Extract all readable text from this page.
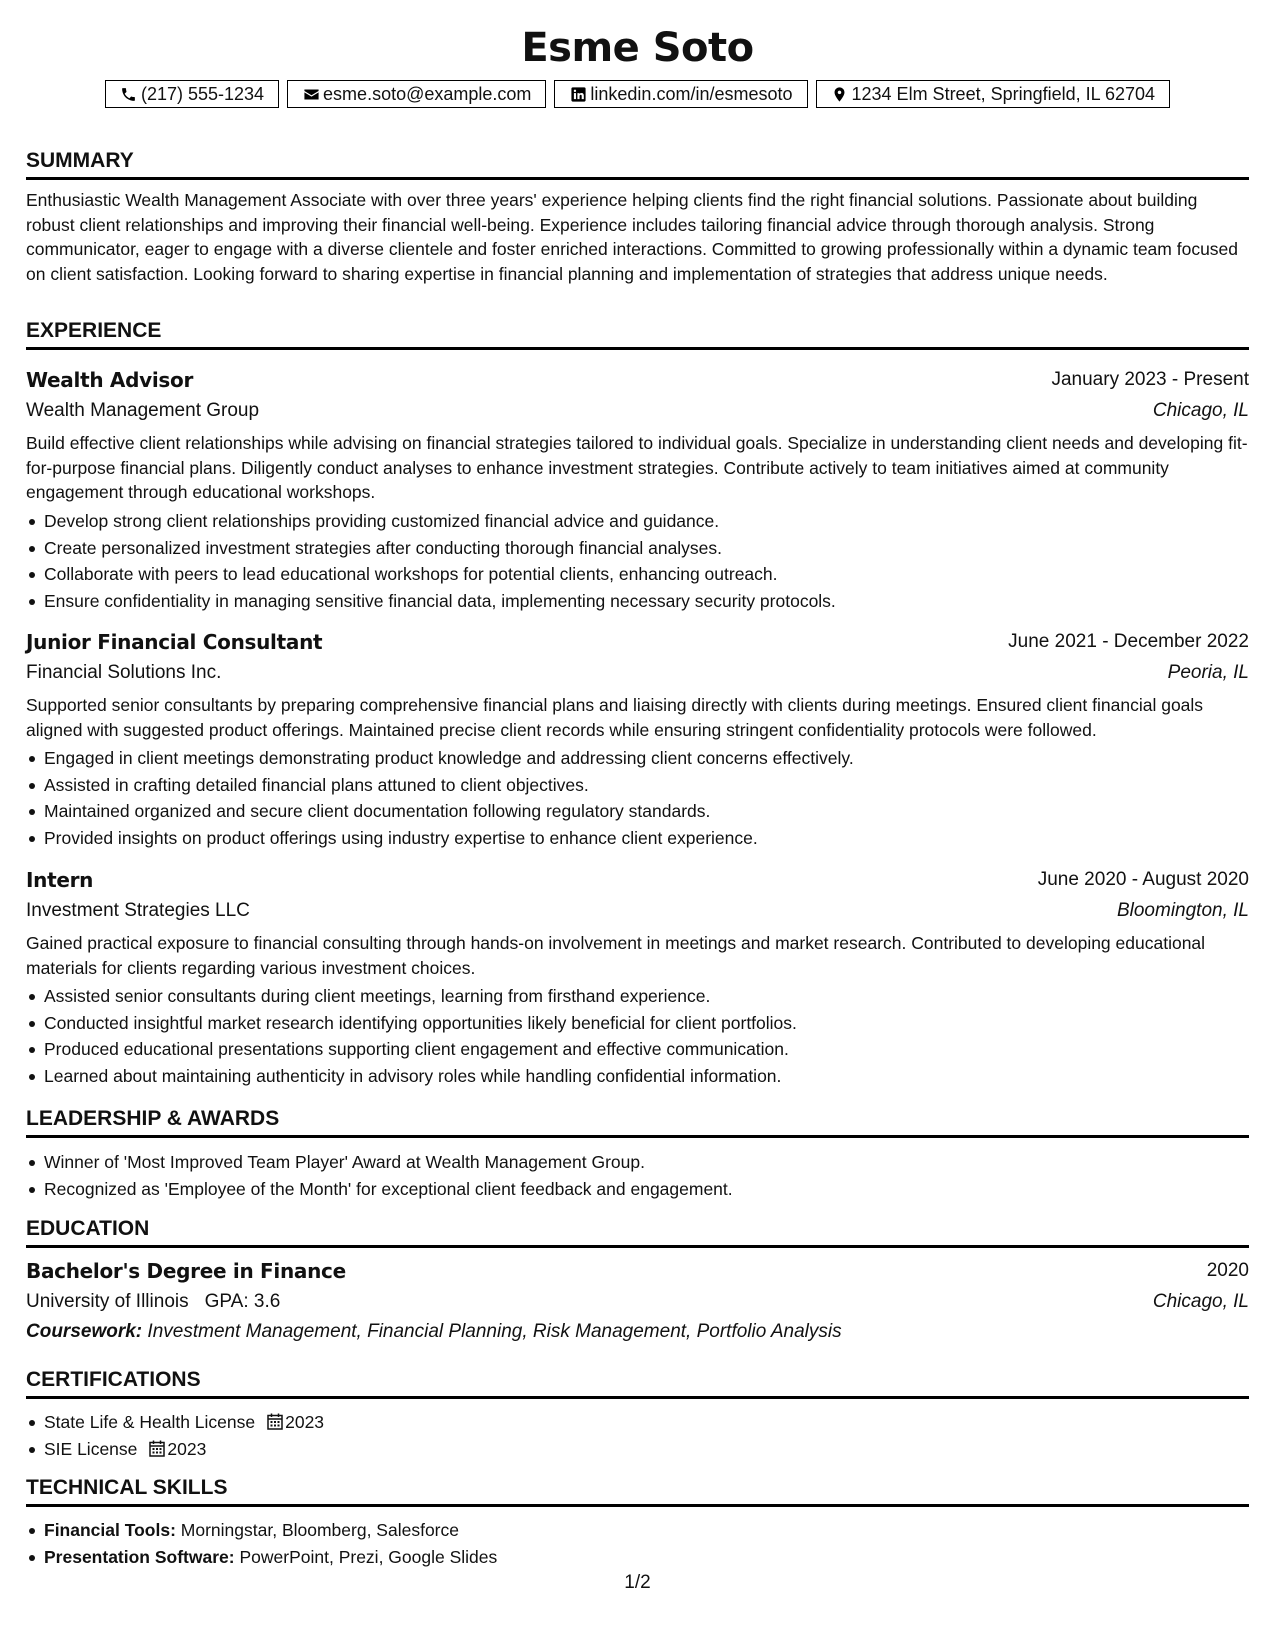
Esme Soto
(217) 555-1234	esme.soto@example.com	linkedin.com/in/esmesoto	1234 Elm Street, Springfield, IL 62704
SUMMARY
Enthusiastic Wealth Management Associate with over three years' experience helping clients find the right financial solutions. Passionate about building robust client relationships and improving their financial well-being. Experience includes tailoring financial advice through thorough analysis. Strong communicator, eager to engage with a diverse clientele and foster enriched interactions. Committed to growing professionally within a dynamic team focused on client satisfaction. Looking forward to sharing expertise in financial planning and implementation of strategies that address unique needs.
EXPERIENCE
Wealth Advisor	January 2023 - Present
Wealth Management Group	Chicago, IL
Build effective client relationships while advising on financial strategies tailored to individual goals. Specialize in understanding client needs and developing fit-for-purpose financial plans. Diligently conduct analyses to enhance investment strategies. Contribute actively to team initiatives aimed at community engagement through educational workshops.
Develop strong client relationships providing customized financial advice and guidance.
Create personalized investment strategies after conducting thorough financial analyses.
Collaborate with peers to lead educational workshops for potential clients, enhancing outreach.
Ensure confidentiality in managing sensitive financial data, implementing necessary security protocols.
Junior Financial Consultant	June 2021 - December 2022
Financial Solutions Inc.	Peoria, IL
Supported senior consultants by preparing comprehensive financial plans and liaising directly with clients during meetings. Ensured client financial goals aligned with suggested product offerings. Maintained precise client records while ensuring stringent confidentiality protocols were followed.
Engaged in client meetings demonstrating product knowledge and addressing client concerns effectively.
Assisted in crafting detailed financial plans attuned to client objectives.
Maintained organized and secure client documentation following regulatory standards.
Provided insights on product offerings using industry expertise to enhance client experience.
Intern	June 2020 - August 2020
Investment Strategies LLC	Bloomington, IL
Gained practical exposure to financial consulting through hands-on involvement in meetings and market research. Contributed to developing educational materials for clients regarding various investment choices.
Assisted senior consultants during client meetings, learning from firsthand experience.
Conducted insightful market research identifying opportunities likely beneficial for client portfolios.
Produced educational presentations supporting client engagement and effective communication.
Learned about maintaining authenticity in advisory roles while handling confidential information.
LEADERSHIP & AWARDS
Winner of 'Most Improved Team Player' Award at Wealth Management Group.
Recognized as 'Employee of the Month' for exceptional client feedback and engagement.
EDUCATION
Bachelor's Degree in Finance	2020
University of Illinois GPA: 3.6	Chicago, IL
Coursework: Investment Management, Financial Planning, Risk Management, Portfolio Analysis
CERTIFICATIONS
State Life & Health License 2023
SIE License 2023
TECHNICAL SKILLS
Financial Tools: Morningstar, Bloomberg, Salesforce
Presentation Software: PowerPoint, Prezi, Google Slides
1/2
